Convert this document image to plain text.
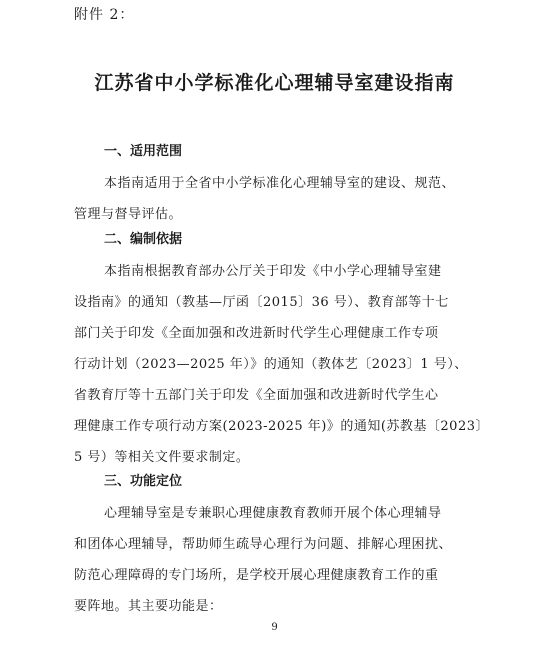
附件 2：
江苏省中小学标准化心理辅导室建设指南
一、适用范围
本指南适用于全省中小学标准化心理辅导室的建设、规范、
管理与督导评估。
二、编制依据
本指南根据教育部办公厅关于印发《中小学心理辅导室建
设指南》的通知（教基—厅函〔2015〕36 号）、教育部等十七
部门关于印发《全面加强和改进新时代学生心理健康工作专项
行动计划（2023—2025 年）》的通知（教体艺〔2023〕1 号）、
省教育厅等十五部门关于印发《全面加强和改进新时代学生心
理健康工作专项行动方案(2023-2025 年)》的通知(苏教基〔2023〕
5 号）等相关文件要求制定。
三、功能定位
心理辅导室是专兼职心理健康教育教师开展个体心理辅导
和团体心理辅导，帮助师生疏导心理行为问题、排解心理困扰、
防范心理障碍的专门场所，是学校开展心理健康教育工作的重
要阵地。其主要功能是：
9
